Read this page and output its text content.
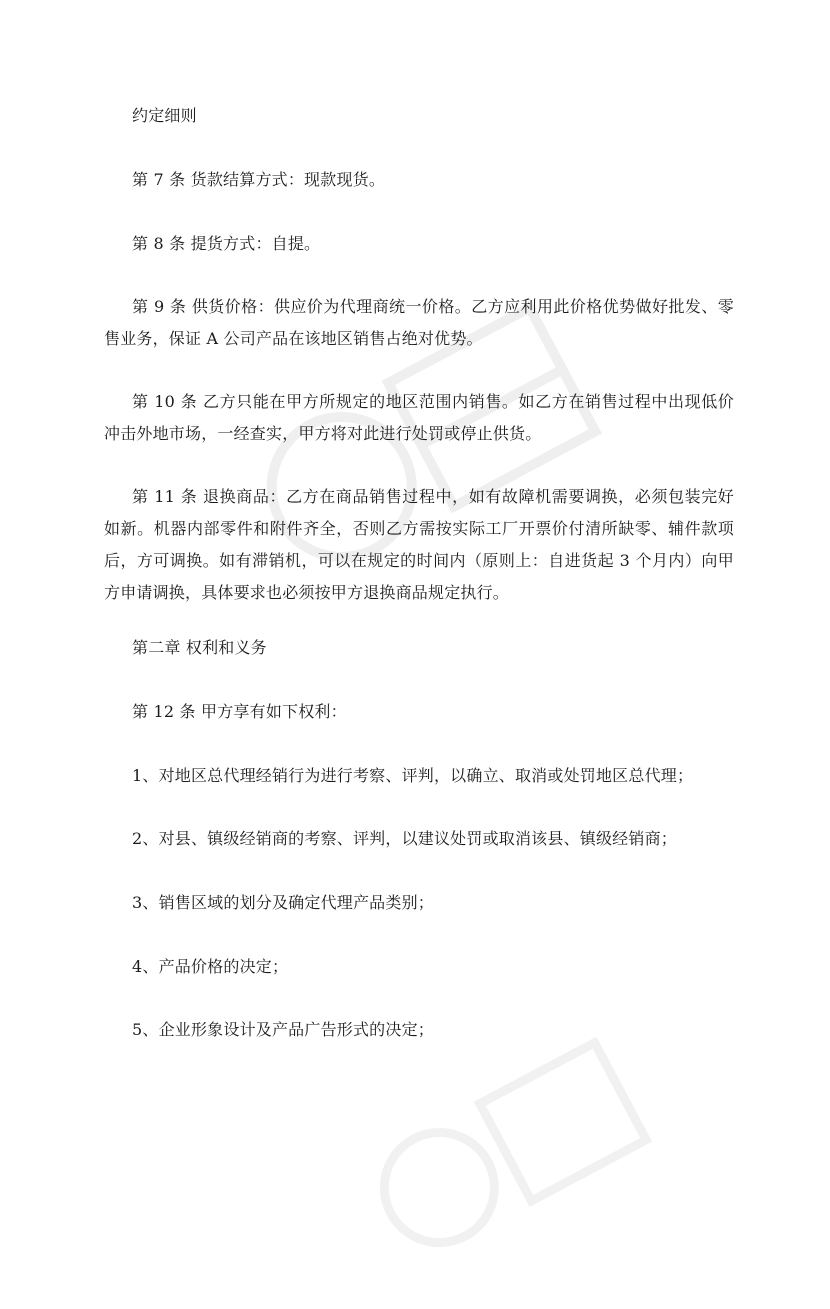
约定细则

第 7 条 货款结算方式：现款现货。

第 8 条 提货方式：自提。

第 9 条 供货价格：供应价为代理商统一价格。乙方应利用此价格优势做好批发、零售业务，保证 A 公司产品在该地区销售占绝对优势。

第 10 条 乙方只能在甲方所规定的地区范围内销售。如乙方在销售过程中出现低价冲击外地市场，一经查实，甲方将对此进行处罚或停止供货。

第 11 条 退换商品：乙方在商品销售过程中，如有故障机需要调换，必须包装完好如新。机器内部零件和附件齐全，否则乙方需按实际工厂开票价付清所缺零、辅件款项后，方可调换。如有滞销机，可以在规定的时间内（原则上：自进货起 3 个月内）向甲方申请调换，具体要求也必须按甲方退换商品规定执行。

第二章 权利和义务

第 12 条 甲方享有如下权利：

1、对地区总代理经销行为进行考察、评判，以确立、取消或处罚地区总代理；

2、对县、镇级经销商的考察、评判，以建议处罚或取消该县、镇级经销商；

3、销售区域的划分及确定代理产品类别；

4、产品价格的决定；

5、企业形象设计及产品广告形式的决定；
